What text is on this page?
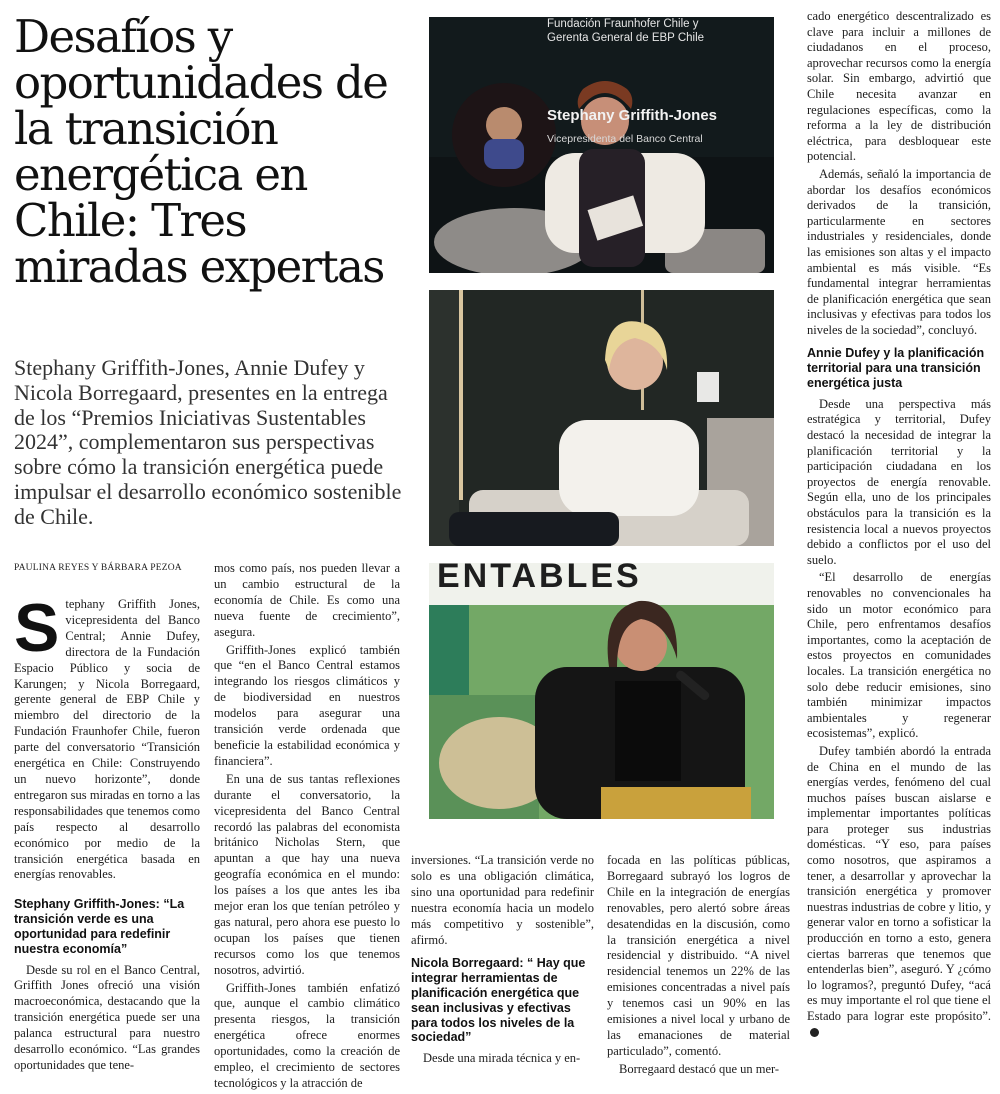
Desafíos y oportunidades de la transición energética en Chile: Tres miradas expertas

Stephany Griffith-Jones, Annie Dufey y Nicola Borregaard, presentes en la entrega de los “Premios Iniciativas Sustentables 2024”, complementaron sus perspectivas sobre cómo la transición energética puede impulsar el desarrollo económico sostenible de Chile.

Fundación Fraunhofer Chile y
Gerenta General de EBP Chile
Stephany Griffith-Jones
Vicepresidenta del Banco Central
ENTABLES
PAULINA REYES Y BÁRBARA PEZOA

Stephany Griffith Jones, vicepresidenta del Banco Central; Annie Dufey, directora de la Fundación Espacio Público y socia de Karungen; y Nicola Borregaard, gerente general de EBP Chile y miembro del directorio de la Fundación Fraunhofer Chile, fueron parte del conversatorio “Transición energética en Chile: Construyendo un nuevo horizonte”, donde entregaron sus miradas en torno a las responsabilidades que tenemos como país respecto al desarrollo económico por medio de la transición energética basada en energías renovables.

Stephany Griffith-Jones: “La transición verde es una oportunidad para redefinir nuestra economía”

Desde su rol en el Banco Central, Griffith Jones ofreció una visión macroeconómica, destacando que la transición energética puede ser una palanca estructural para nuestro desarrollo económico. “Las grandes oportunidades que tene-

mos como país, nos pueden llevar a un cambio estructural de la economía de Chile. Es como una nueva fuente de crecimiento”, asegura.

Griffith-Jones explicó también que “en el Banco Central estamos integrando los riesgos climáticos y de biodiversidad en nuestros modelos para asegurar una transición verde ordenada que beneficie la estabilidad económica y financiera”.

En una de sus tantas reflexiones durante el conversatorio, la vicepresidenta del Banco Central recordó las palabras del economista británico Nicholas Stern, que apuntan a que hay una nueva geografía económica en el mundo: los países a los que antes les iba mejor eran los que tenían petróleo y gas natural, pero ahora ese puesto lo ocupan los países que tienen recursos como los que tenemos nosotros, advirtió.

Griffith-Jones también enfatizó que, aunque el cambio climático presenta riesgos, la transición energética ofrece enormes oportunidades, como la creación de empleo, el crecimiento de sectores tecnológicos y la atracción de

inversiones. “La transición verde no solo es una obligación climática, sino una oportunidad para redefinir nuestra economía hacia un modelo más competitivo y sostenible”, afirmó.

Nicola Borregaard: “ Hay que integrar herramientas de planificación energética que sean inclusivas y efectivas para todos los niveles de la sociedad”

Desde una mirada técnica y en-

focada en las políticas públicas, Borregaard subrayó los logros de Chile en la integración de energías renovables, pero alertó sobre áreas desatendidas en la discusión, como la transición energética a nivel residencial y distribuido. “A nivel residencial tenemos un 22% de las emisiones concentradas a nivel país y tenemos casi un 90% en las emisiones a nivel local y urbano de las emanaciones de material particulado”, comentó.

Borregaard destacó que un mer-

cado energético descentralizado es clave para incluir a millones de ciudadanos en el proceso, aprovechar recursos como la energía solar. Sin embargo, advirtió que Chile necesita avanzar en regulaciones específicas, como la reforma a la ley de distribución eléctrica, para desbloquear este potencial.

Además, señaló la importancia de abordar los desafíos económicos derivados de la transición, particularmente en sectores industriales y residenciales, donde las emisiones son altas y el impacto ambiental es más visible. “Es fundamental integrar herramientas de planificación energética que sean inclusivas y efectivas para todos los niveles de la sociedad”, concluyó.

Annie Dufey y la planificación territorial para una transición energética justa

Desde una perspectiva más estratégica y territorial, Dufey destacó la necesidad de integrar la planificación territorial y la participación ciudadana en los proyectos de energía renovable. Según ella, uno de los principales obstáculos para la transición es la resistencia local a nuevos proyectos debido a conflictos por el uso del suelo.

“El desarrollo de energías renovables no convencionales ha sido un motor económico para Chile, pero enfrentamos desafíos importantes, como la aceptación de estos proyectos en comunidades locales. La transición energética no solo debe reducir emisiones, sino también minimizar impactos ambientales y regenerar ecosistemas”, explicó.

Dufey también abordó la entrada de China en el mundo de las energías verdes, fenómeno del cual muchos países buscan aislarse e implementar importantes políticas para proteger sus industrias domésticas. “Y eso, para países como nosotros, que aspiramos a tener, a desarrollar y aprovechar la transición energética y promover nuestras industrias de cobre y litio, y generar valor en torno a sofisticar la producción en torno a esto, genera ciertas barreras que tenemos que entenderlas bien”, aseguró. Y ¿cómo lo logramos?, preguntó Dufey, “acá es muy importante el rol que tiene el Estado para lograr este propósito”.
